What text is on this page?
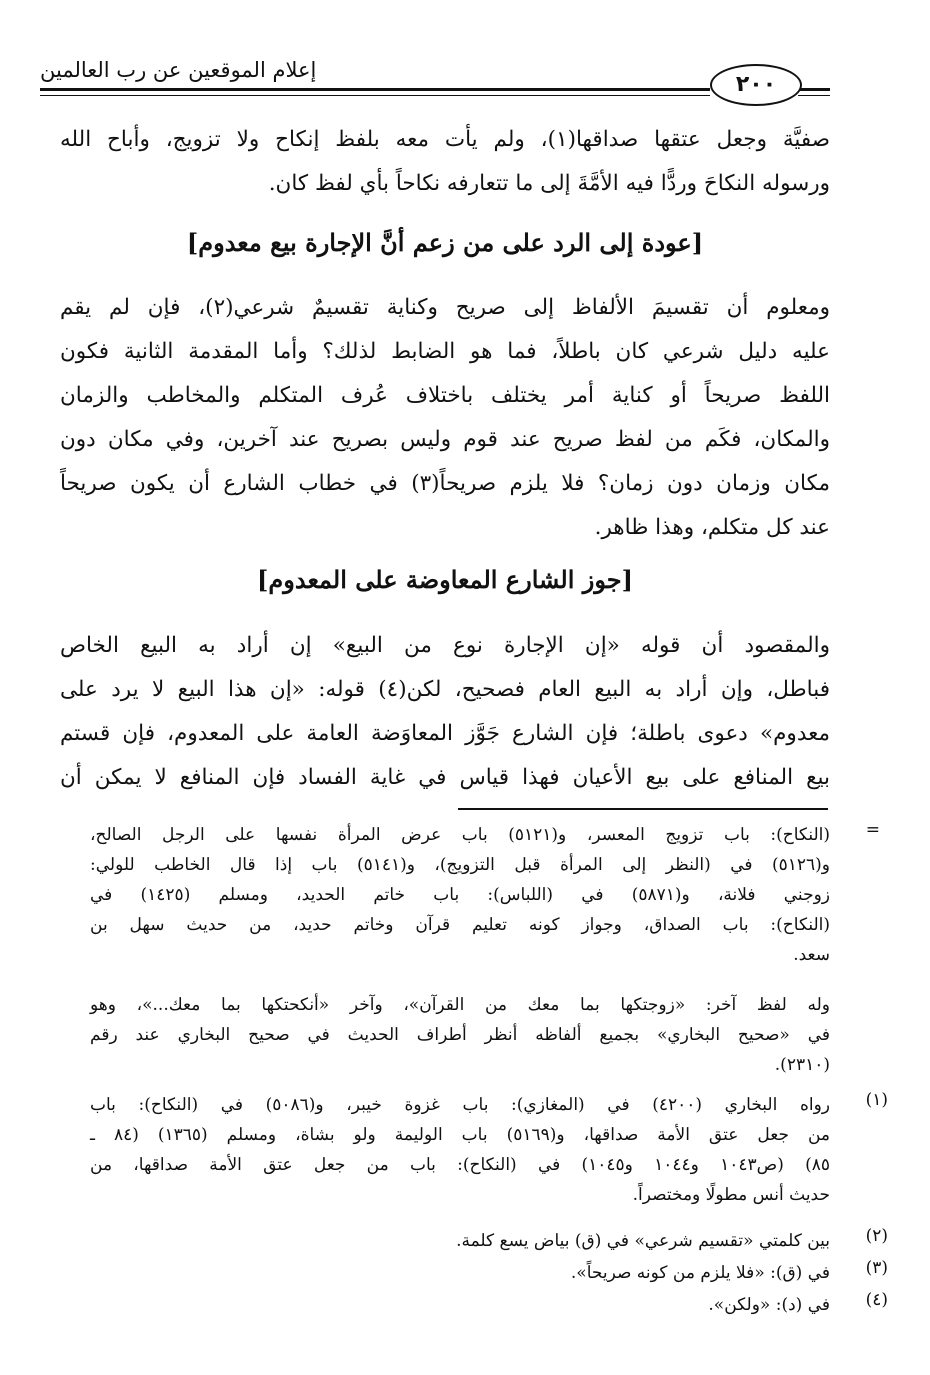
إعلام الموقعين عن رب العالمين
٢٠٠
صفيَّة وجعل عتقها صداقها(١)، ولم يأت معه بلفظ إنكاح ولا تزويج، وأباح الله
ورسوله النكاحَ وردًّا فيه الأمَّةَ إلى ما تتعارفه نكاحاً بأي لفظ كان.
[عودة إلى الرد على من زعم أنَّ الإجارة بيع معدوم]
ومعلوم أن تقسيمَ الألفاظ إلى صريح وكناية تقسيمٌ شرعي(٢)، فإن لم يقم
عليه دليل شرعي كان باطلاً، فما هو الضابط لذلك؟ وأما المقدمة الثانية فكون
اللفظ صريحاً أو كناية أمر يختلف باختلاف عُرف المتكلم والمخاطب والزمان
والمكان، فكَم من لفظ صريح عند قوم وليس بصريح عند آخرين، وفي مكان دون
مكان وزمان دون زمان؟ فلا يلزم صريحاً(٣) في خطاب الشارع أن يكون صريحاً
عند كل متكلم، وهذا ظاهر.
[جوز الشارع المعاوضة على المعدوم]
والمقصود أن قوله «إن الإجارة نوع من البيع» إن أراد به البيع الخاص
فباطل، وإن أراد به البيع العام فصحيح، لكن(٤) قوله: «إن هذا البيع لا يرد على
معدوم» دعوى باطلة؛ فإن الشارع جَوَّز المعاوَضة العامة على المعدوم، فإن قستم
بيع المنافع على بيع الأعيان فهذا قياس في غاية الفساد فإن المنافع لا يمكن أن
=
(النكاح): باب تزويج المعسر، و(٥١٢١) باب عرض المرأة نفسها على الرجل الصالح،
و(٥١٢٦) في (النظر إلى المرأة قبل التزويج)، و(٥١٤١) باب إذا قال الخاطب للولي:
زوجني فلانة، و(٥٨٧١) في (اللباس): باب خاتم الحديد، ومسلم (١٤٢٥) في
(النكاح): باب الصداق، وجواز كونه تعليم قرآن وخاتم حديد، من حديث سهل بن
سعد.
وله لفظ آخر: «زوجتكها بما معك من القرآن»، وآخر «أنكحتكها بما معك...»، وهو
في «صحيح البخاري» بجميع ألفاظه أنظر أطراف الحديث في صحيح البخاري عند رقم
(٢٣١٠).
(١)
رواه البخاري (٤٢٠٠) في (المغازي): باب غزوة خيبر، و(٥٠٨٦) في (النكاح): باب
من جعل عتق الأمة صداقها، و(٥١٦٩) باب الوليمة ولو بشاة، ومسلم (١٣٦٥) (٨٤ ـ
٨٥) (ص١٠٤٣ و١٠٤٤ و١٠٤٥) في (النكاح): باب من جعل عتق الأمة صداقها، من
حديث أنس مطولًا ومختصراً.
(٢)
بين كلمتي «تقسيم شرعي» في (ق) بياض يسع كلمة.
(٣)
في (ق): «فلا يلزم من كونه صريحاً».
(٤)
في (د): «ولكن».
